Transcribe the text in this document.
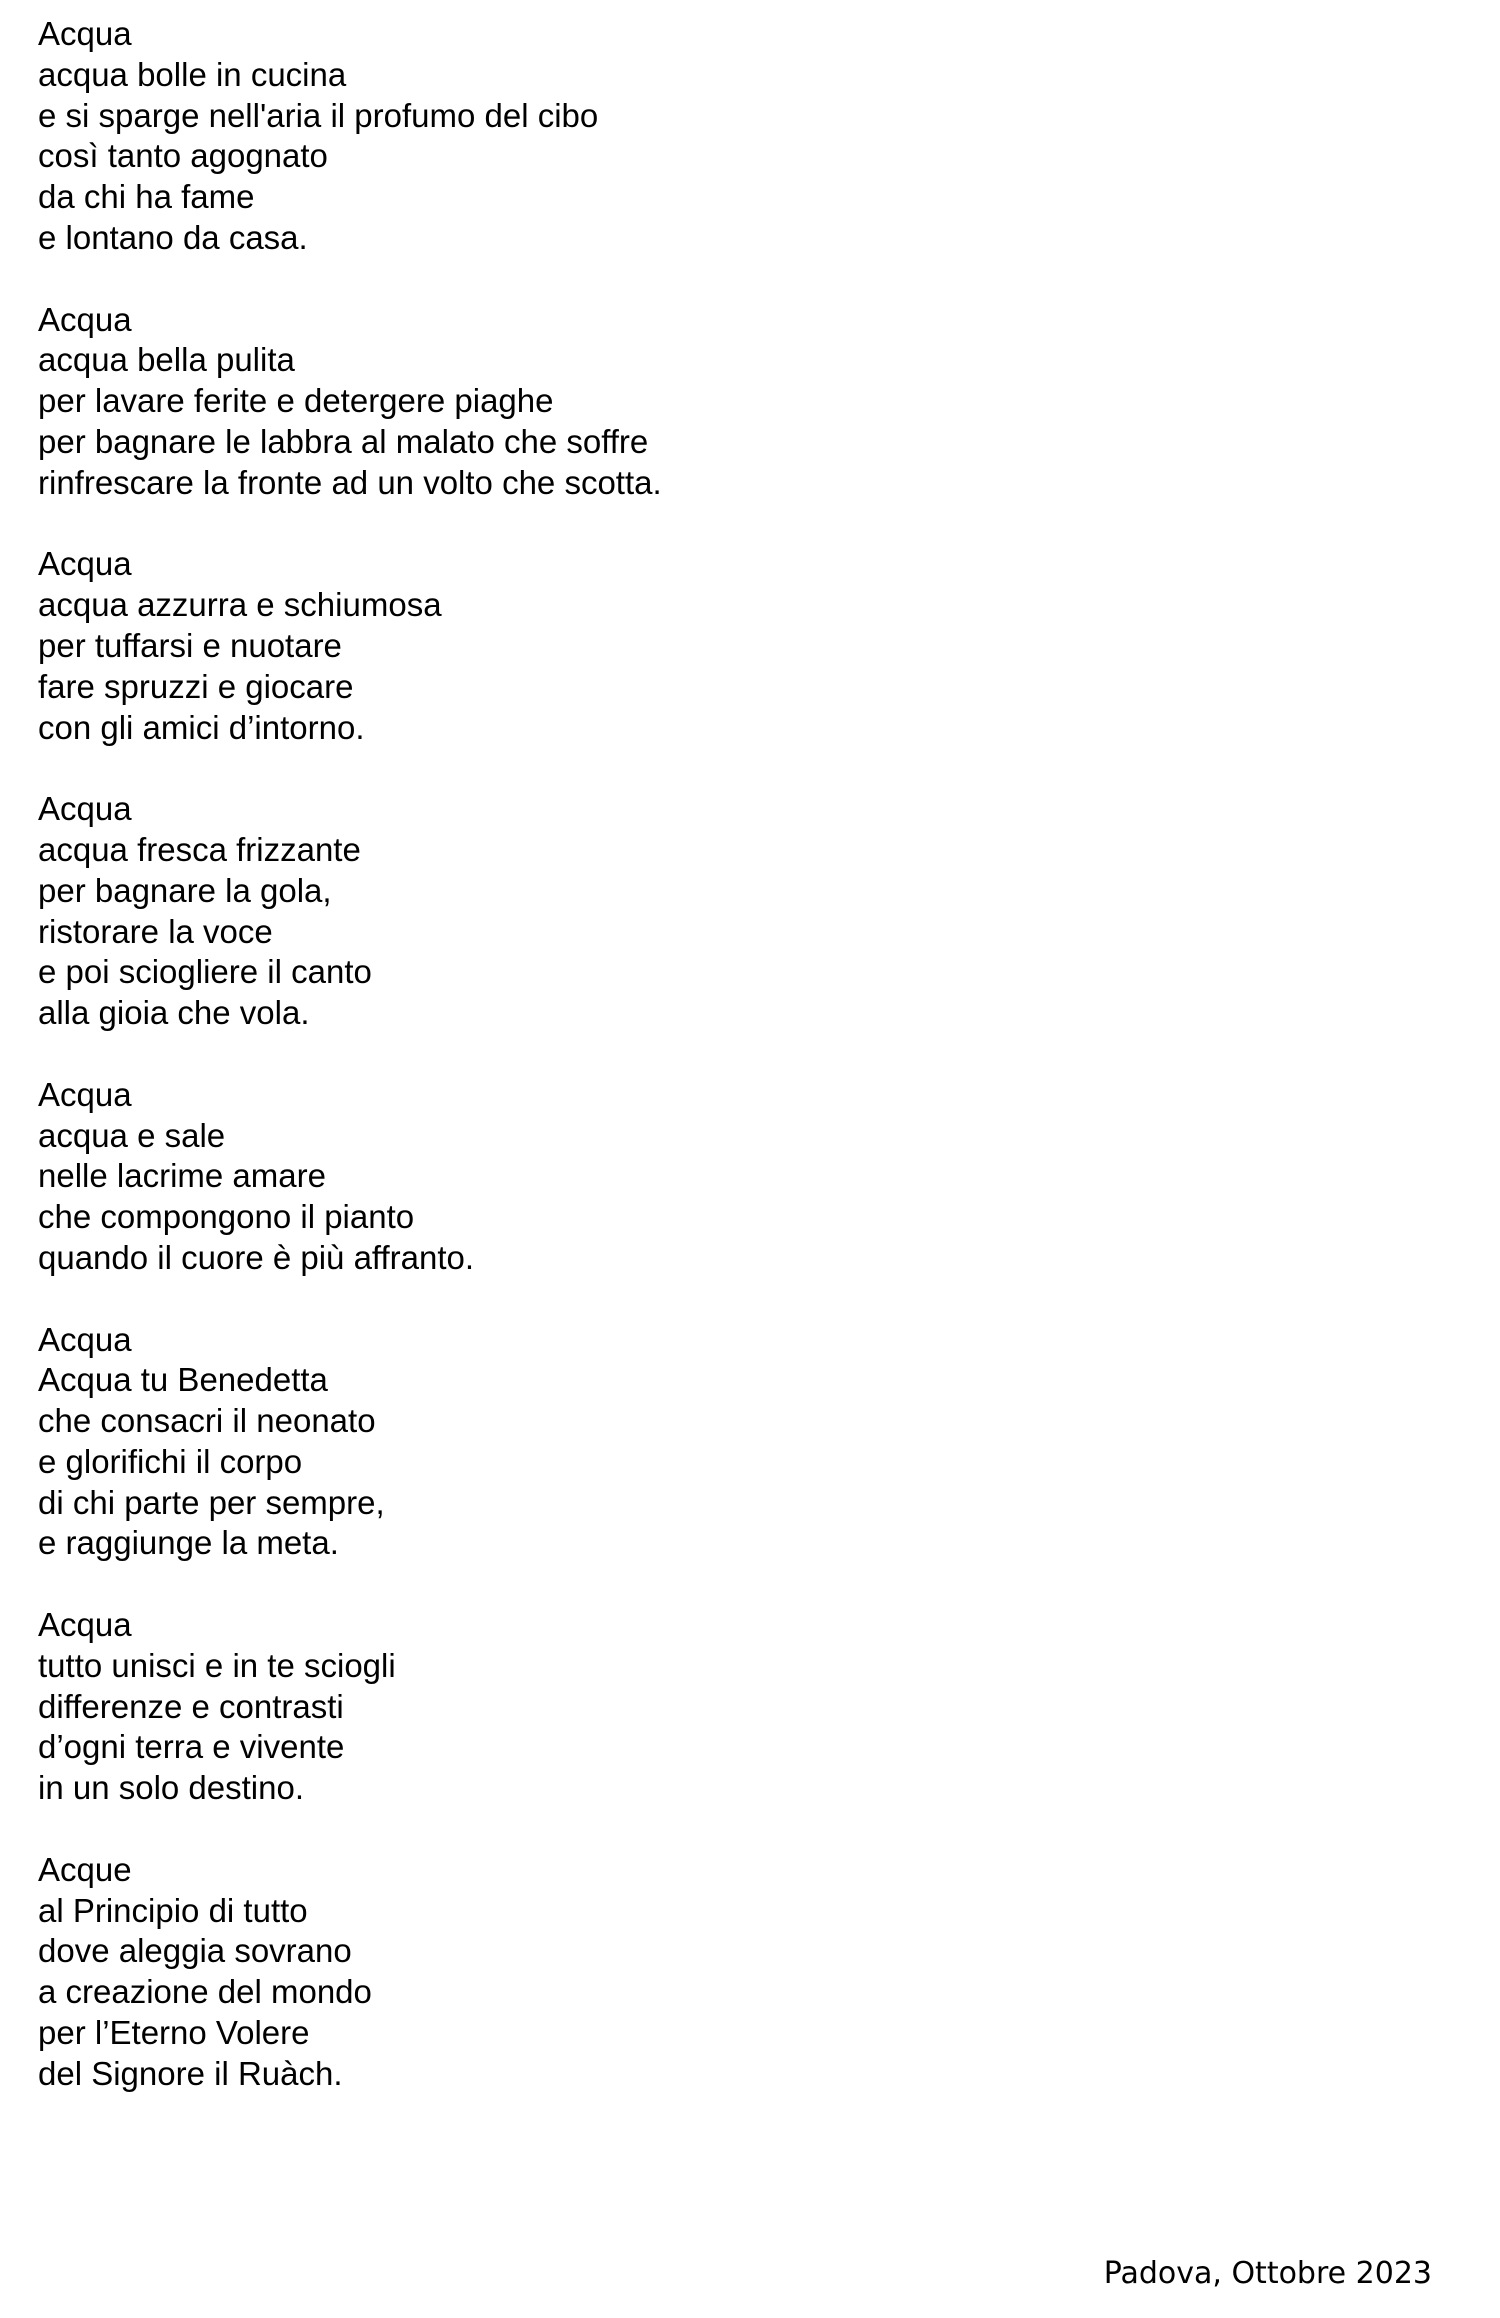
Acqua
acqua bolle in cucina
e si sparge nell'aria il profumo del cibo
così tanto agognato
da chi ha fame
e lontano da casa.
Acqua
acqua bella pulita
per lavare ferite e detergere piaghe
per bagnare le labbra al malato che soffre
rinfrescare la fronte ad un volto che scotta.
Acqua
acqua azzurra e schiumosa
per tuffarsi e nuotare
fare spruzzi e giocare
con gli amici d’intorno.
Acqua
acqua fresca frizzante
per bagnare la gola,
ristorare la voce
e poi sciogliere il canto
alla gioia che vola.
Acqua
acqua e sale
nelle lacrime amare
che compongono il pianto
quando il cuore è più affranto.
Acqua
Acqua tu Benedetta
che consacri il neonato
e glorifichi il corpo
di chi parte per sempre,
e raggiunge la meta.
Acqua
tutto unisci e in te sciogli
differenze e contrasti
d’ogni terra e vivente
in un solo destino.
Acque
al Principio di tutto
dove aleggia sovrano
a creazione del mondo
per l’Eterno Volere
del Signore il Ruàch.
Padova, Ottobre 2023
